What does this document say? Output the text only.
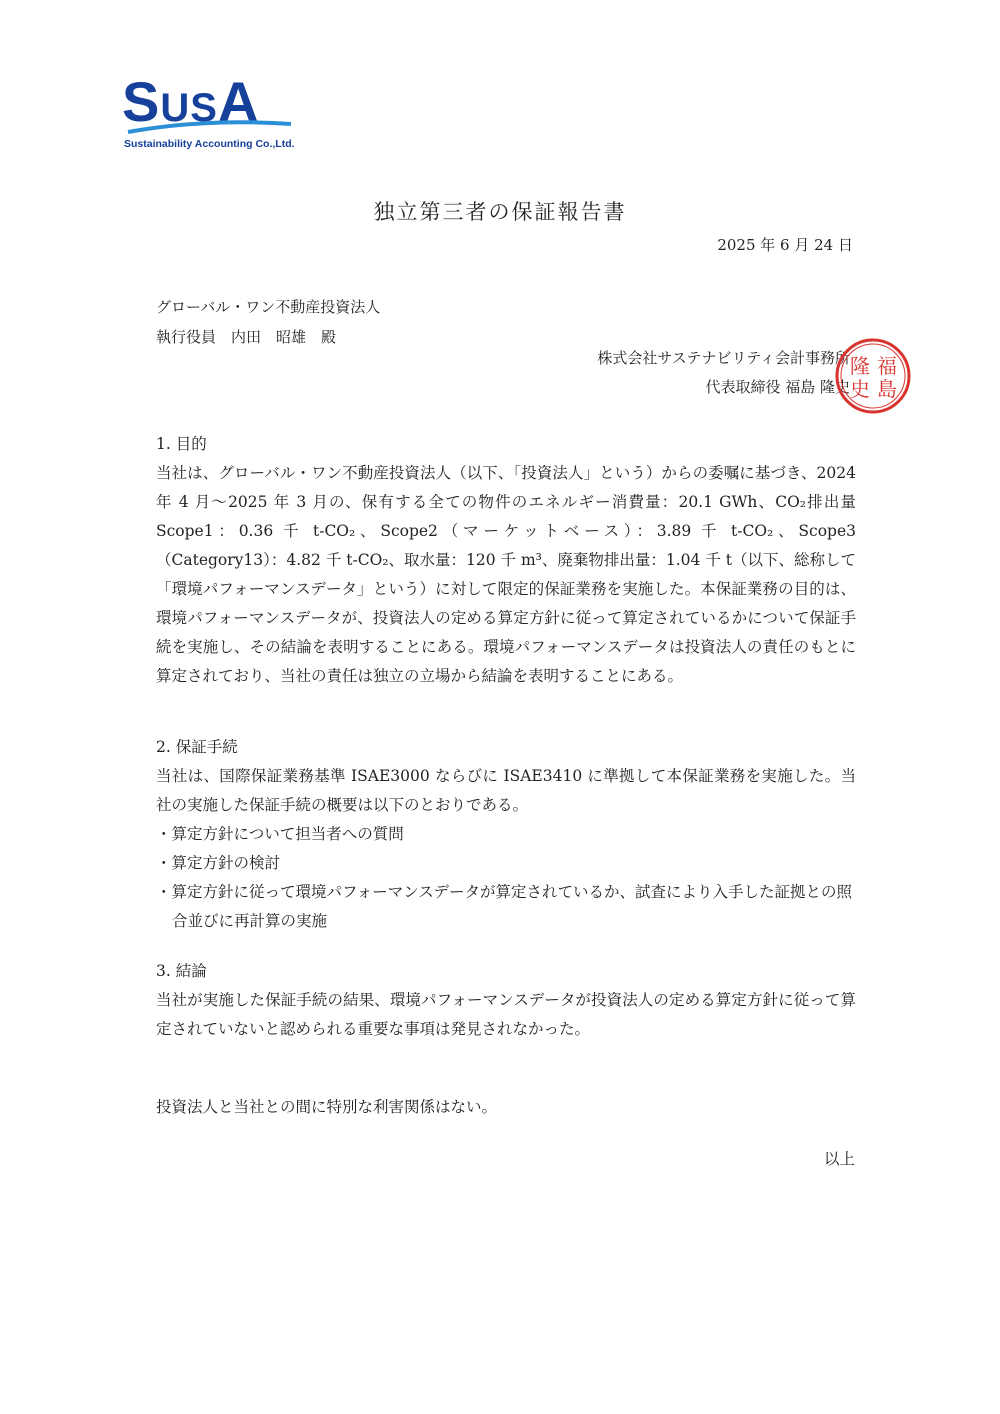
SUSA
Sustainability Accounting Co.,Ltd.
独立第三者の保証報告書
2025 年 6 月 24 日
グローバル・ワン不動産投資法人
執行役員　内田　昭雄　殿
株式会社サステナビリティ会計事務所
代表取締役 福島 隆史
福
島
隆
史
1. 目的

当社は、グローバル・ワン不動産投資法人（以下、「投資法人」という）からの委嘱に基づき、2024 年 4 月～2025 年 3 月の、保有する全ての物件のエネルギー消費量：20.1 GWh、CO₂排出量 Scope1：0.36 千 t-CO₂、Scope2（マーケットベース）：3.89 千 t-CO₂、Scope3（Category13）：4.82 千 t-CO₂、取水量：120 千 m³、廃棄物排出量：1.04 千 t（以下、総称して「環境パフォーマンスデータ」という）に対して限定的保証業務を実施した。本保証業務の目的は、環境パフォーマンスデータが、投資法人の定める算定方針に従って算定されているかについて保証手続を実施し、その結論を表明することにある。環境パフォーマンスデータは投資法人の責任のもとに算定されており、当社の責任は独立の立場から結論を表明することにある。

2. 保証手続

当社は、国際保証業務基準 ISAE3000 ならびに ISAE3410 に準拠して本保証業務を実施した。当社の実施した保証手続の概要は以下のとおりである。

・算定方針について担当者への質問
・算定方針の検討
・算定方針に従って環境パフォーマンスデータが算定されているか、試査により入手した証拠との照合並びに再計算の実施
3. 結論

当社が実施した保証手続の結果、環境パフォーマンスデータが投資法人の定める算定方針に従って算定されていないと認められる重要な事項は発見されなかった。

投資法人と当社との間に特別な利害関係はない。
以上
